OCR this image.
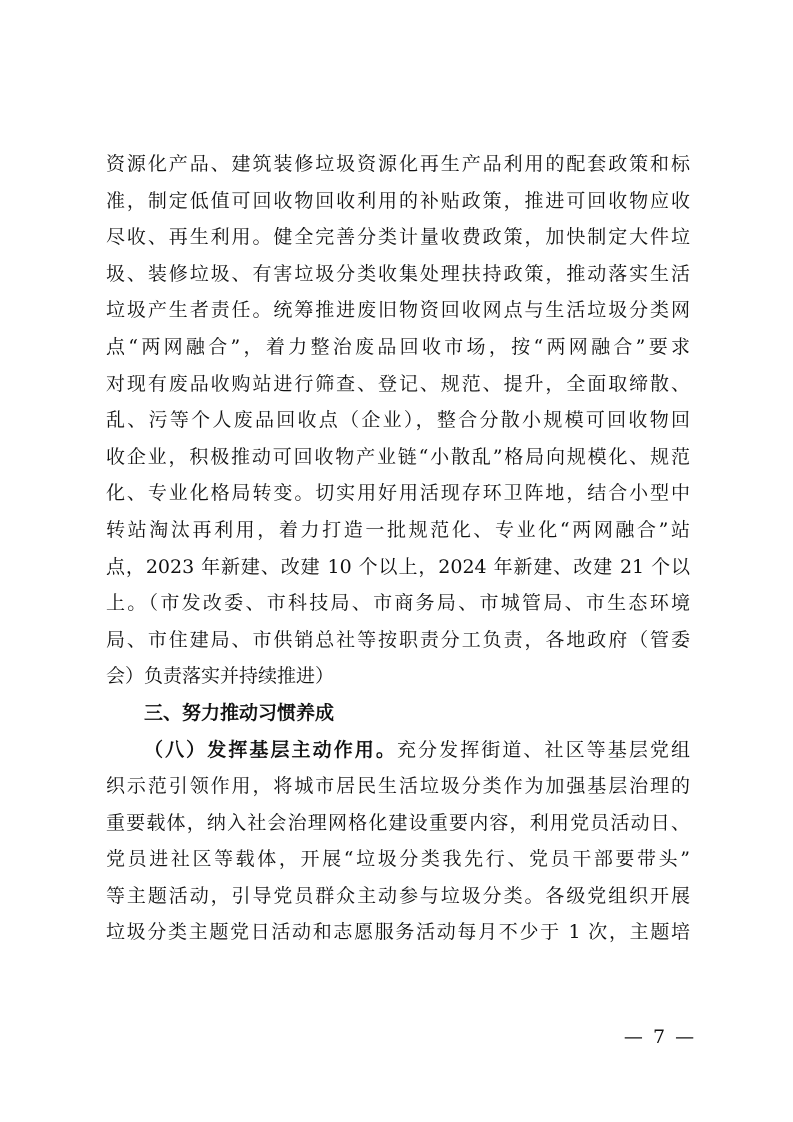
资源化产品、建筑装修垃圾资源化再生产品利用的配套政策和标
准，制定低值可回收物回收利用的补贴政策，推进可回收物应收
尽收、再生利用。健全完善分类计量收费政策，加快制定大件垃
圾、装修垃圾、有害垃圾分类收集处理扶持政策，推动落实生活
垃圾产生者责任。统筹推进废旧物资回收网点与生活垃圾分类网
点“两网融合”，着力整治废品回收市场，按“两网融合”要求
对现有废品收购站进行筛查、登记、规范、提升，全面取缔散、
乱、污等个人废品回收点（企业），整合分散小规模可回收物回
收企业，积极推动可回收物产业链“小散乱”格局向规模化、规范
化、专业化格局转变。切实用好用活现存环卫阵地，结合小型中
转站淘汰再利用，着力打造一批规范化、专业化“两网融合”站
点，2023 年新建、改建 10 个以上，2024 年新建、改建 21 个以
上。（市发改委、市科技局、市商务局、市城管局、市生态环境
局、市住建局、市供销总社等按职责分工负责，各地政府（管委
会）负责落实并持续推进）
三、努力推动习惯养成
（八）发挥基层主动作用。充分发挥街道、社区等基层党组
织示范引领作用，将城市居民生活垃圾分类作为加强基层治理的
重要载体，纳入社会治理网格化建设重要内容，利用党员活动日、
党员进社区等载体，开展“垃圾分类我先行、党员干部要带头”
等主题活动，引导党员群众主动参与垃圾分类。各级党组织开展
垃圾分类主题党日活动和志愿服务活动每月不少于 1 次，主题培
— 7 —
